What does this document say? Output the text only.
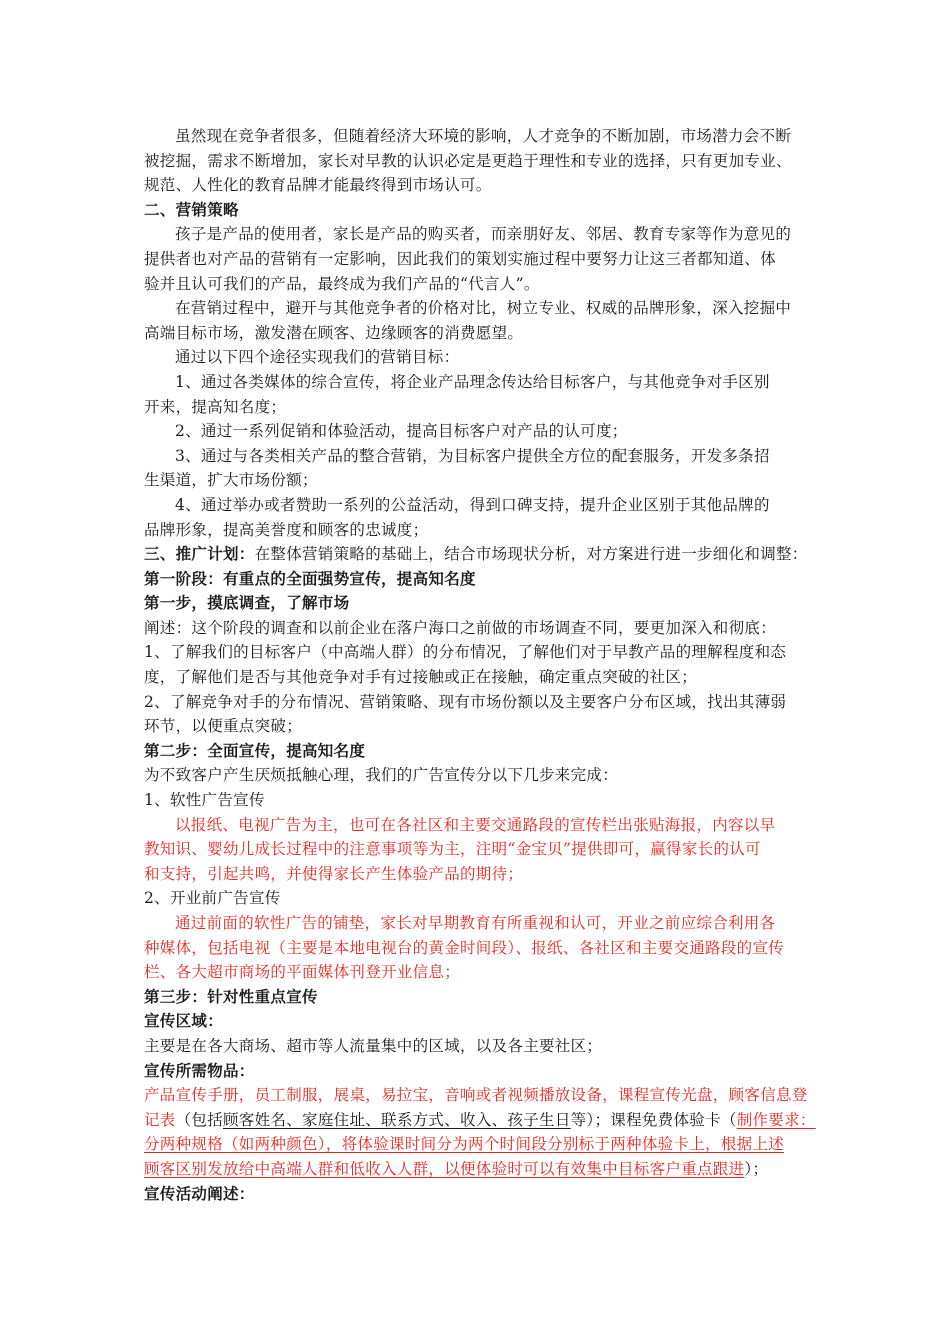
虽然现在竞争者很多，但随着经济大环境的影响，人才竞争的不断加剧，市场潜力会不断
被挖掘，需求不断增加，家长对早教的认识必定是更趋于理性和专业的选择，只有更加专业、
规范、人性化的教育品牌才能最终得到市场认可。
二、营销策略
孩子是产品的使用者，家长是产品的购买者，而亲朋好友、邻居、教育专家等作为意见的
提供者也对产品的营销有一定影响，因此我们的策划实施过程中要努力让这三者都知道、体
验并且认可我们的产品，最终成为我们产品的“代言人”。
在营销过程中，避开与其他竞争者的价格对比，树立专业、权威的品牌形象，深入挖掘中
高端目标市场，激发潜在顾客、边缘顾客的消费愿望。
通过以下四个途径实现我们的营销目标：
1、通过各类媒体的综合宣传，将企业产品理念传达给目标客户，与其他竞争对手区别
开来，提高知名度；
2、通过一系列促销和体验活动，提高目标客户对产品的认可度；
3、通过与各类相关产品的整合营销，为目标客户提供全方位的配套服务，开发多条招
生渠道，扩大市场份额；
4、通过举办或者赞助一系列的公益活动，得到口碑支持，提升企业区别于其他品牌的
品牌形象，提高美誉度和顾客的忠诚度；
三、推广计划：在整体营销策略的基础上，结合市场现状分析，对方案进行进一步细化和调整：
第一阶段：有重点的全面强势宣传，提高知名度
第一步，摸底调查，了解市场
阐述：这个阶段的调查和以前企业在落户海口之前做的市场调查不同，要更加深入和彻底：
1、了解我们的目标客户（中高端人群）的分布情况，了解他们对于早教产品的理解程度和态
度，了解他们是否与其他竞争对手有过接触或正在接触，确定重点突破的社区；
2、了解竞争对手的分布情况、营销策略、现有市场份额以及主要客户分布区域，找出其薄弱
环节，以便重点突破；
第二步：全面宣传，提高知名度
为不致客户产生厌烦抵触心理，我们的广告宣传分以下几步来完成：
1、软性广告宣传
以报纸、电视广告为主，也可在各社区和主要交通路段的宣传栏出张贴海报，内容以早
教知识、婴幼儿成长过程中的注意事项等为主，注明“金宝贝”提供即可，赢得家长的认可
和支持，引起共鸣，并使得家长产生体验产品的期待；
2、开业前广告宣传
通过前面的软性广告的铺垫，家长对早期教育有所重视和认可，开业之前应综合利用各
种媒体，包括电视（主要是本地电视台的黄金时间段）、报纸、各社区和主要交通路段的宣传
栏、各大超市商场的平面媒体刊登开业信息；
第三步：针对性重点宣传
宣传区域：
主要是在各大商场、超市等人流量集中的区域，以及各主要社区；
宣传所需物品：
产品宣传手册，员工制服，展桌，易拉宝，音响或者视频播放设备，课程宣传光盘，顾客信息登
记表（包括顾客姓名、家庭住址、联系方式、收入、孩子生日等）；课程免费体验卡（制作要求：
分两种规格（如两种颜色），将体验课时间分为两个时间段分别标于两种体验卡上，根据上述
顾客区别发放给中高端人群和低收入人群，以便体验时可以有效集中目标客户重点跟进）；
宣传活动阐述：
